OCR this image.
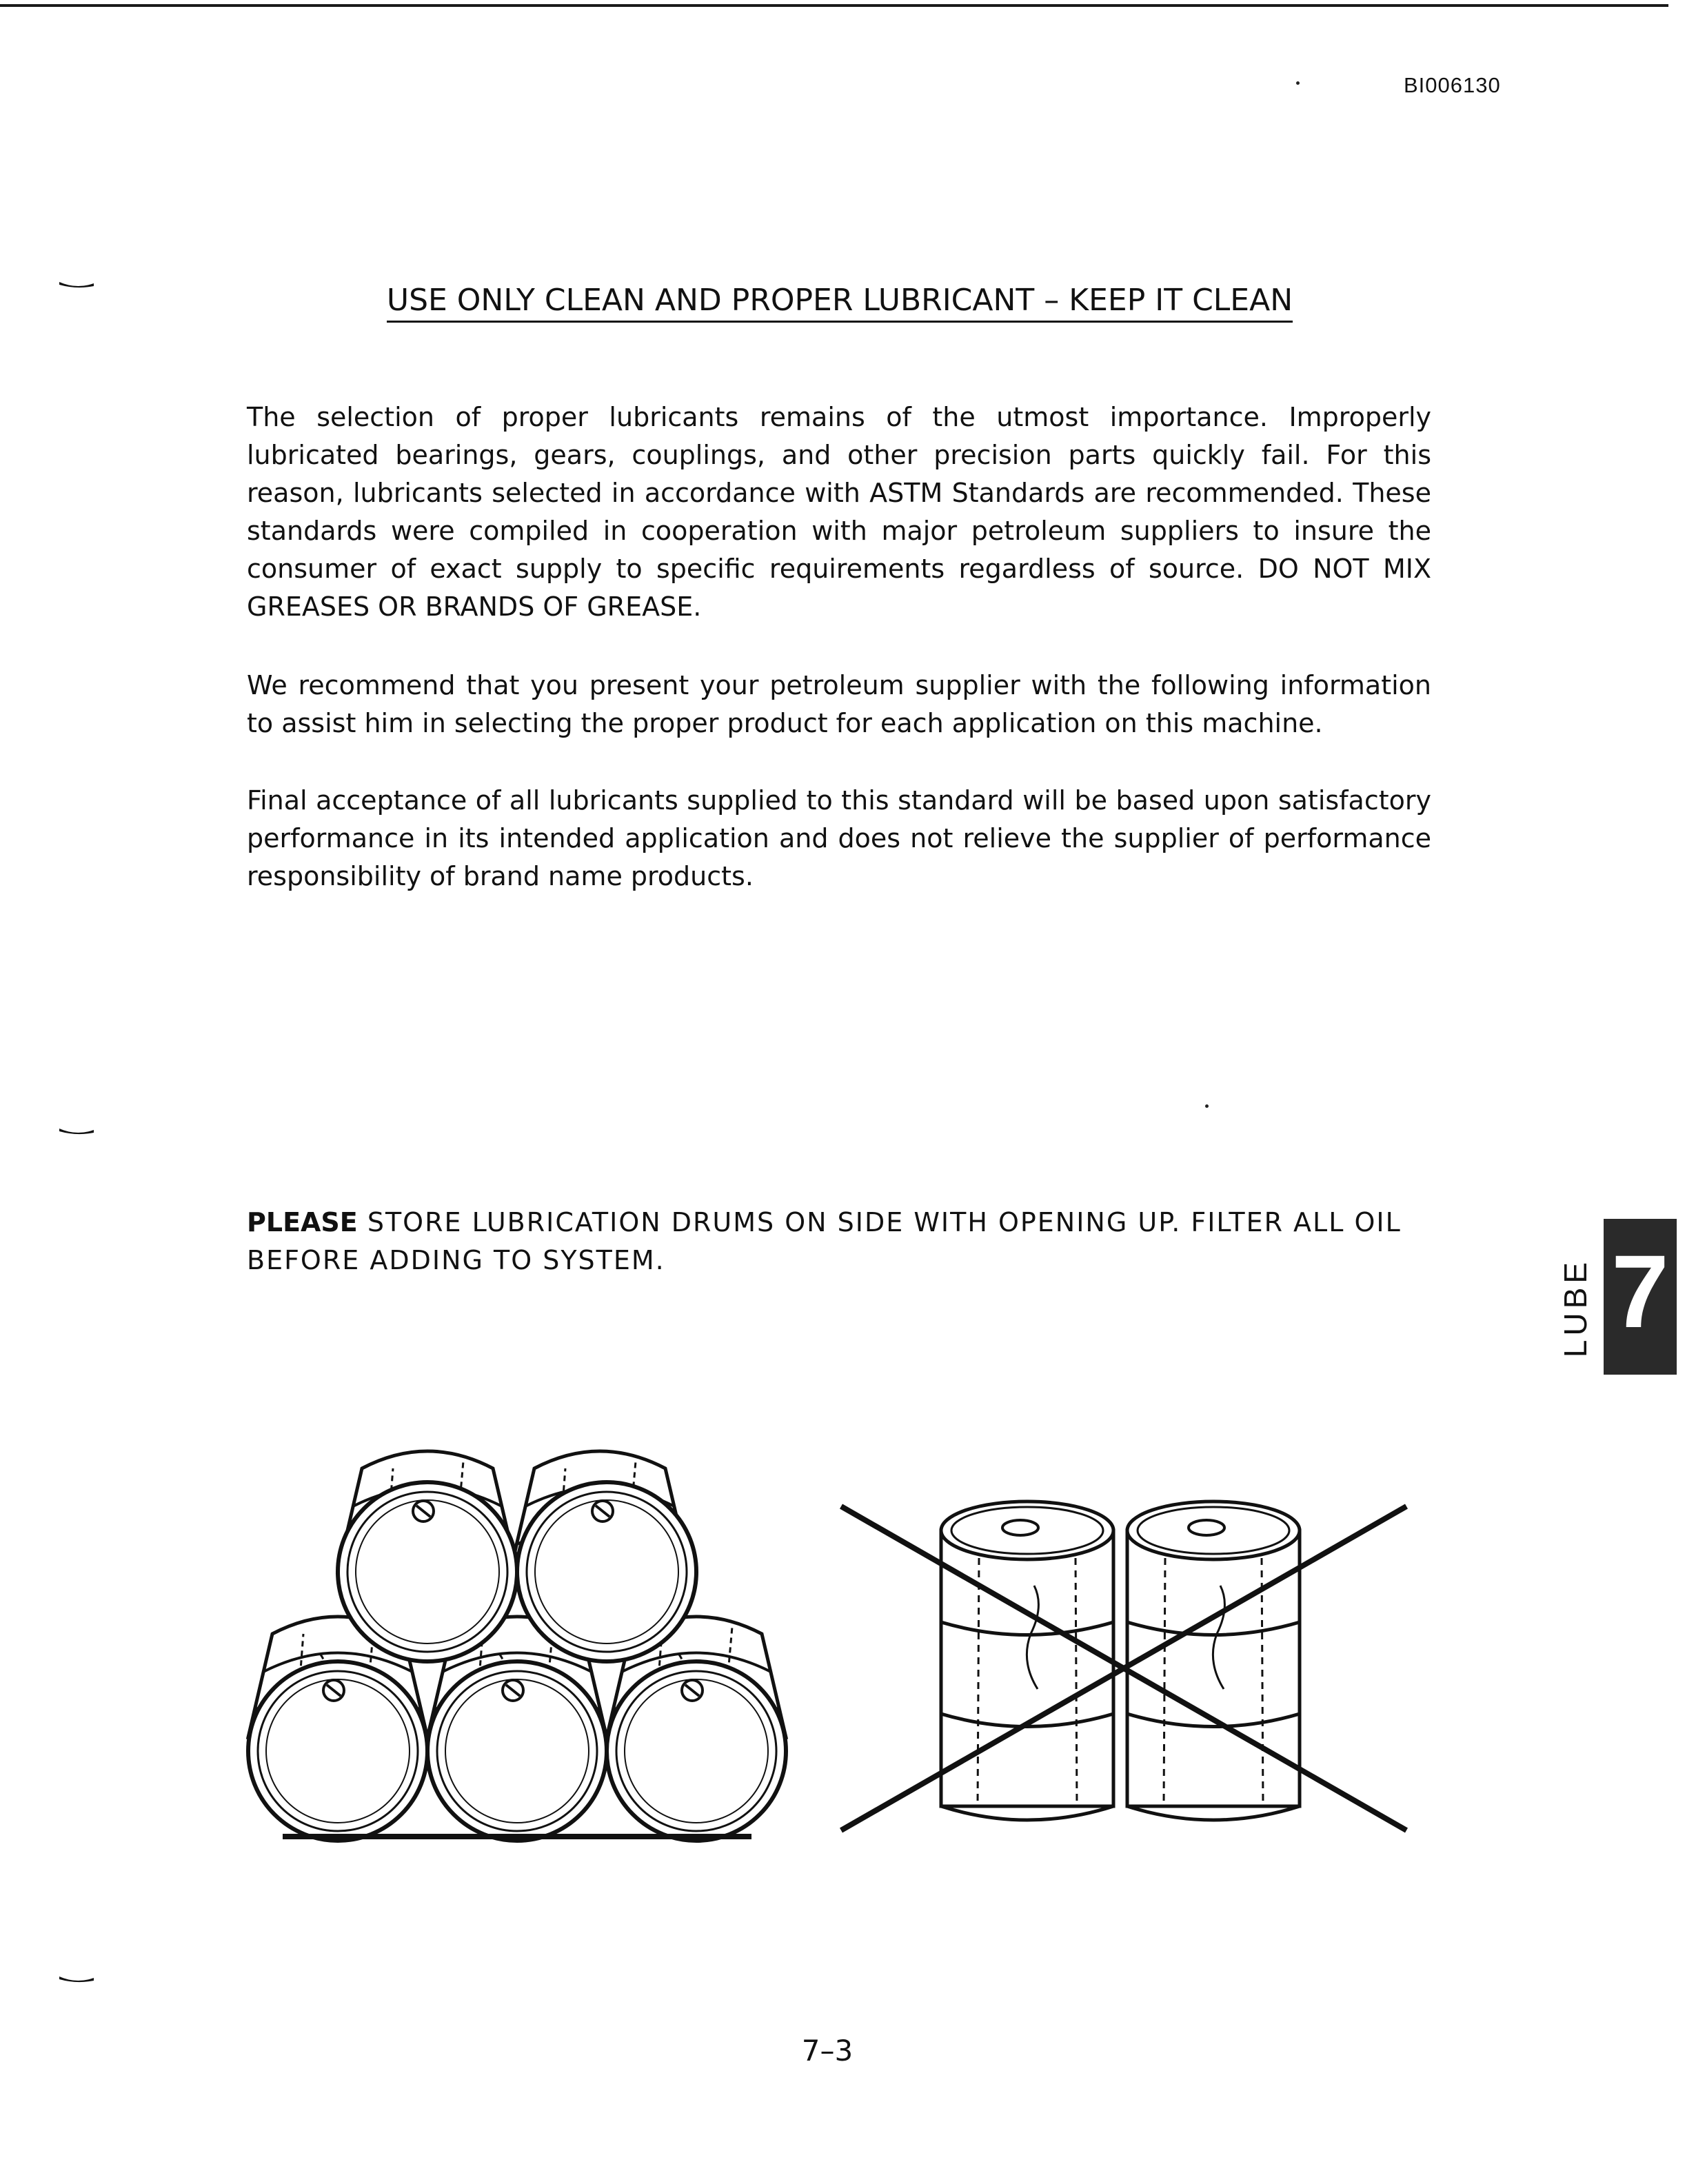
BI006130
USE ONLY CLEAN AND PROPER LUBRICANT – KEEP IT CLEAN

The selection of proper lubricants remains of the utmost importance. Improperly lubricated bearings, gears, couplings, and other precision parts quickly fail. For this reason, lubricants selected in accordance with ASTM Standards are recommended. These standards were compiled in cooperation with major petroleum suppliers to insure the consumer of exact supply to specific requirements regardless of source. DO NOT MIX GREASES OR BRANDS OF GREASE.

We recommend that you present your petroleum supplier with the following information to assist him in selecting the proper product for each application on this machine.

Final acceptance of all lubricants supplied to this standard will be based upon satisfactory performance in its intended application and does not relieve the supplier of performance responsibility of brand name products.

PLEASE STORE LUBRICATION DRUMS ON SIDE WITH OPENING UP. FILTER ALL OIL BEFORE ADDING TO SYSTEM.	7
LUBE
7–3
